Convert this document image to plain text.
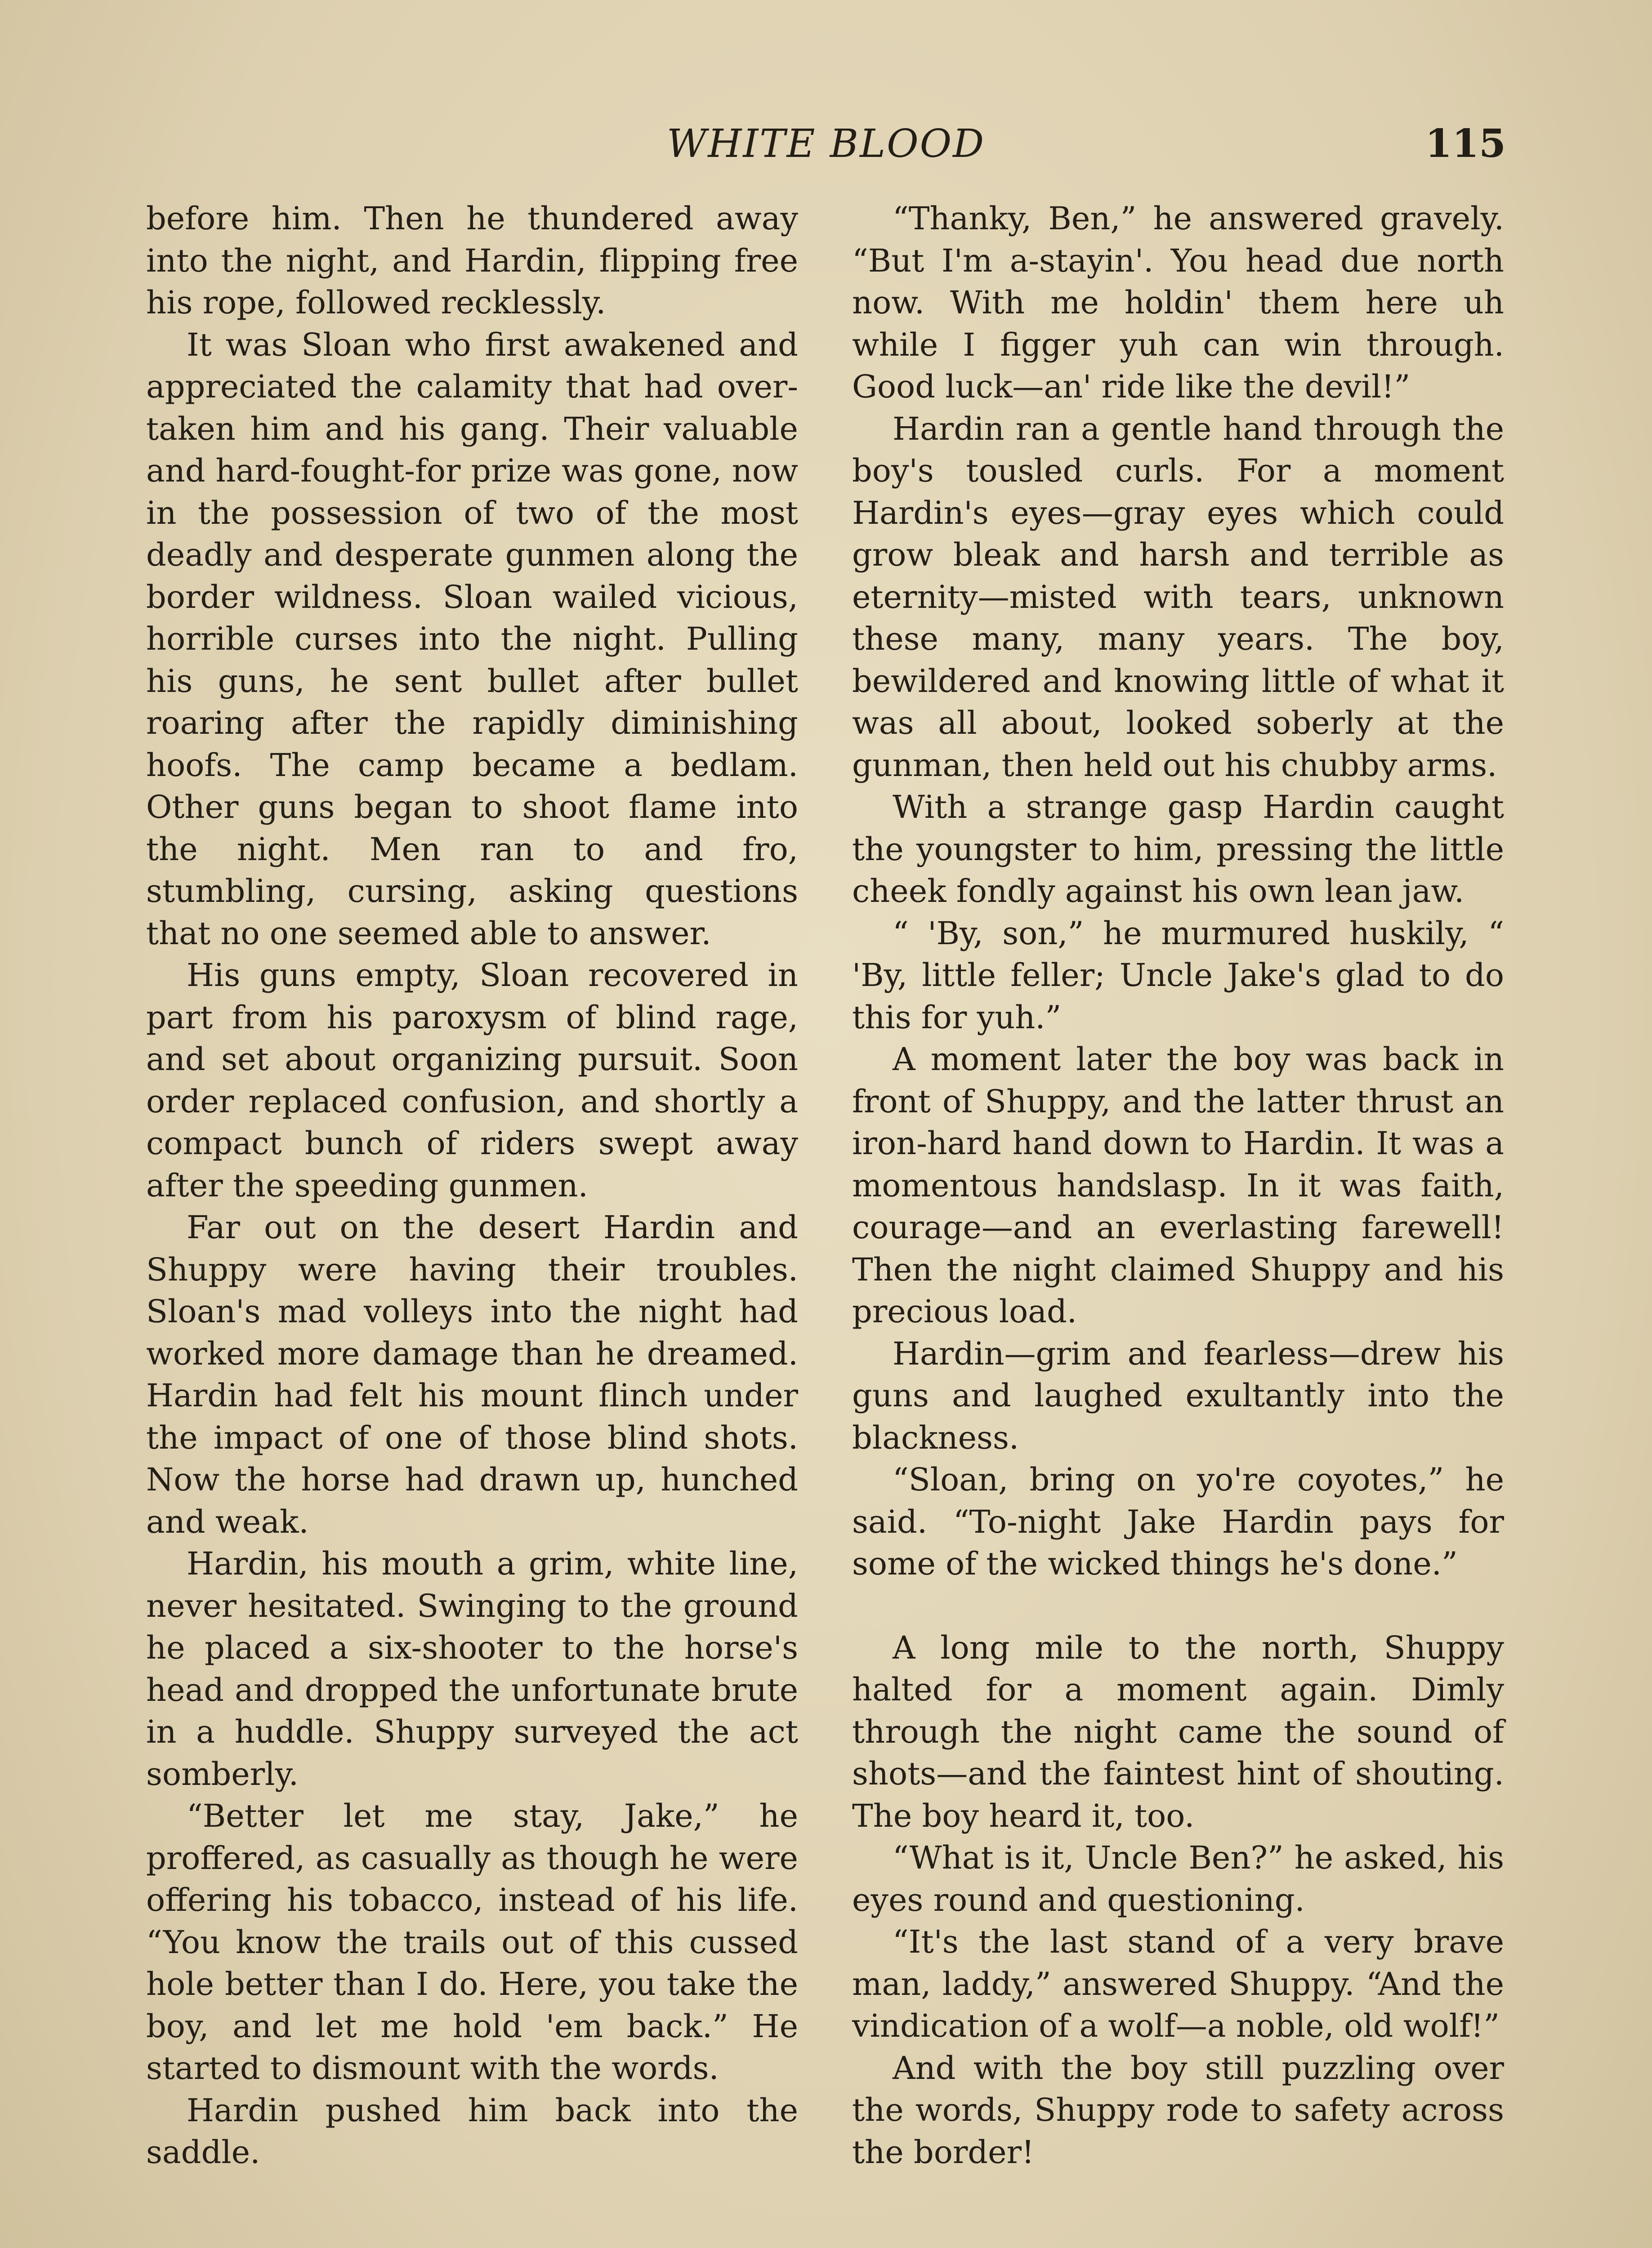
WHITE BLOOD	115

before him. Then he thundered away into the night, and Hardin, flipping free his rope, followed recklessly.

It was Sloan who first awakened and appreciated the calamity that had overtaken him and his gang. Their valuable and hard-fought-for prize was gone, now in the possession of two of the most deadly and desperate gunmen along the border wildness. Sloan wailed vicious, horrible curses into the night. Pulling his guns, he sent bullet after bullet roaring after the rapidly diminishing hoofs. The camp became a bedlam. Other guns began to shoot flame into the night. Men ran to and fro, stumbling, cursing, asking questions that no one seemed able to answer.

His guns empty, Sloan recovered in part from his paroxysm of blind rage, and set about organizing pursuit. Soon order replaced confusion, and shortly a compact bunch of riders swept away after the speeding gunmen.

Far out on the desert Hardin and Shuppy were having their troubles. Sloan's mad volleys into the night had worked more damage than he dreamed. Hardin had felt his mount flinch under the impact of one of those blind shots. Now the horse had drawn up, hunched and weak.

Hardin, his mouth a grim, white line, never hesitated. Swinging to the ground he placed a six-shooter to the horse's head and dropped the unfortunate brute in a huddle. Shuppy surveyed the act somberly.

“Better let me stay, Jake,” he proffered, as casually as though he were offering his tobacco, instead of his life. “You know the trails out of this cussed hole better than I do. Here, you take the boy, and let me hold 'em back.” He started to dismount with the words.

Hardin pushed him back into the saddle.

“Thanky, Ben,” he answered gravely. “But I'm a-stayin'. You head due north now. With me holdin' them here uh while I figger yuh can win through. Good luck—an' ride like the devil!”

Hardin ran a gentle hand through the boy's tousled curls. For a moment Hardin's eyes—gray eyes which could grow bleak and harsh and terrible as eternity—misted with tears, unknown these many, many years. The boy, bewildered and knowing little of what it was all about, looked soberly at the gunman, then held out his chubby arms.

With a strange gasp Hardin caught the youngster to him, pressing the little cheek fondly against his own lean jaw.

“ 'By, son,” he murmured huskily, “ 'By, little feller; Uncle Jake's glad to do this for yuh.”

A moment later the boy was back in front of Shuppy, and the latter thrust an iron-hard hand down to Hardin. It was a momentous handslasp. In it was faith, courage—and an everlasting farewell! Then the night claimed Shuppy and his precious load.

Hardin—grim and fearless—drew his guns and laughed exultantly into the blackness.

“Sloan, bring on yo're coyotes,” he said. “To-night Jake Hardin pays for some of the wicked things he's done.”

A long mile to the north, Shuppy halted for a moment again. Dimly through the night came the sound of shots—and the faintest hint of shouting. The boy heard it, too.

“What is it, Uncle Ben?” he asked, his eyes round and questioning.

“It's the last stand of a very brave man, laddy,” answered Shuppy. “And the vindication of a wolf—a noble, old wolf!”

And with the boy still puzzling over the words, Shuppy rode to safety across the border!
